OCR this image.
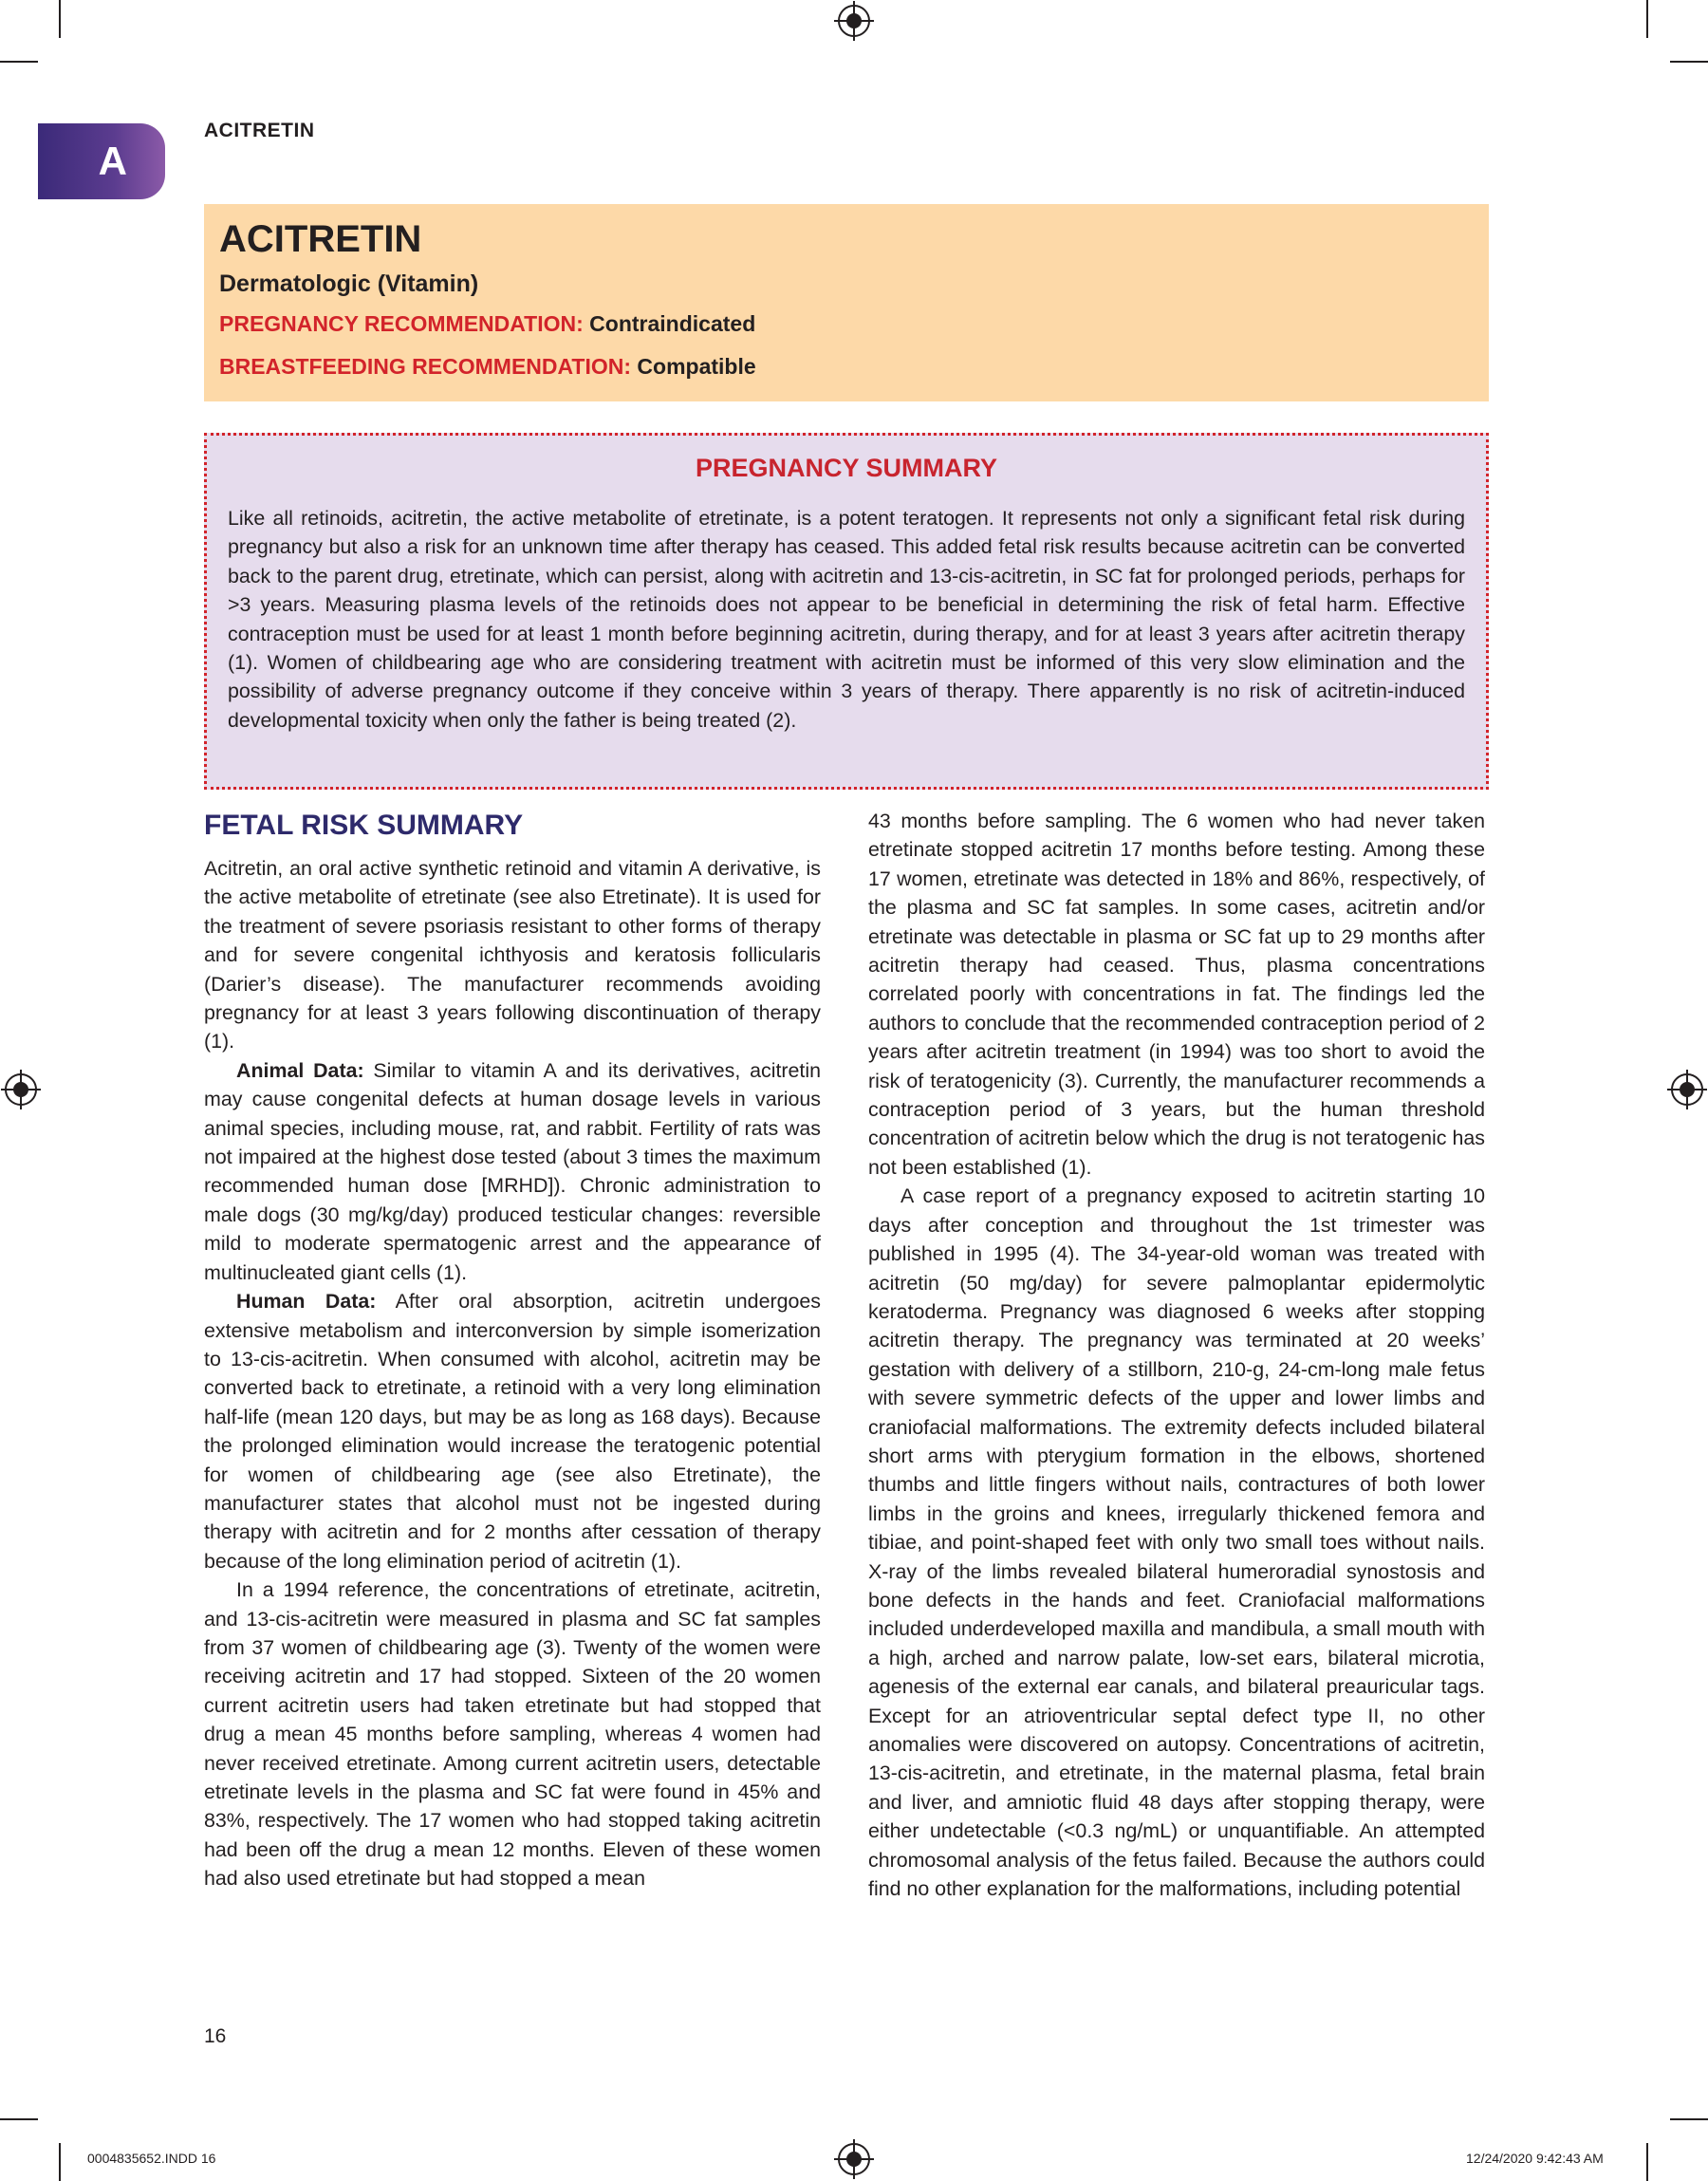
A
ACITRETIN
ACITRETIN
Dermatologic (Vitamin)
PREGNANCY RECOMMENDATION: Contraindicated
BREASTFEEDING RECOMMENDATION: Compatible
PREGNANCY SUMMARY

Like all retinoids, acitretin, the active metabolite of etretinate, is a potent teratogen. It represents not only a significant fetal risk during pregnancy but also a risk for an unknown time after therapy has ceased. This added fetal risk results because acitretin can be converted back to the parent drug, etretinate, which can persist, along with acitretin and 13-cis-acitretin, in SC fat for prolonged periods, perhaps for >3 years. Measuring plasma levels of the retinoids does not appear to be beneficial in determining the risk of fetal harm. Effective contraception must be used for at least 1 month before beginning acitretin, during therapy, and for at least 3 years after acitretin therapy (1). Women of childbearing age who are considering treatment with acitretin must be informed of this very slow elimination and the possibility of adverse pregnancy outcome if they conceive within 3 years of therapy. There apparently is no risk of acitretin-induced developmental toxicity when only the father is being treated (2).

FETAL RISK SUMMARY

Acitretin, an oral active synthetic retinoid and vitamin A derivative, is the active metabolite of etretinate (see also Etretinate). It is used for the treatment of severe psoriasis resistant to other forms of therapy and for severe congenital ichthyosis and keratosis follicularis (Darier’s disease). The manufacturer recommends avoiding pregnancy for at least 3 years following discontinuation of therapy (1).

Animal Data: Similar to vitamin A and its derivatives, acitretin may cause congenital defects at human dosage levels in various animal species, including mouse, rat, and rabbit. Fertility of rats was not impaired at the highest dose tested (about 3 times the maximum recommended human dose [MRHD]). Chronic administration to male dogs (30 mg/kg/day) produced testicular changes: reversible mild to moderate spermatogenic arrest and the appearance of multinucleated giant cells (1).

Human Data: After oral absorption, acitretin undergoes extensive metabolism and interconversion by simple isomerization to 13-cis-acitretin. When consumed with alcohol, acitretin may be converted back to etretinate, a retinoid with a very long elimination half-life (mean 120 days, but may be as long as 168 days). Because the prolonged elimination would increase the teratogenic potential for women of childbearing age (see also Etretinate), the manufacturer states that alcohol must not be ingested during therapy with acitretin and for 2 months after cessation of therapy because of the long elimination period of acitretin (1).

In a 1994 reference, the concentrations of etretinate, acitretin, and 13-cis-acitretin were measured in plasma and SC fat samples from 37 women of childbearing age (3). Twenty of the women were receiving acitretin and 17 had stopped. Sixteen of the 20 women current acitretin users had taken etretinate but had stopped that drug a mean 45 months before sampling, whereas 4 women had never received etretinate. Among current acitretin users, detectable etretinate levels in the plasma and SC fat were found in 45% and 83%, respectively. The 17 women who had stopped taking acitretin had been off the drug a mean 12 months. Eleven of these women had also used etretinate but had stopped a mean

43 months before sampling. The 6 women who had never taken etretinate stopped acitretin 17 months before testing. Among these 17 women, etretinate was detected in 18% and 86%, respectively, of the plasma and SC fat samples. In some cases, acitretin and/or etretinate was detectable in plasma or SC fat up to 29 months after acitretin therapy had ceased. Thus, plasma concentrations correlated poorly with concentrations in fat. The findings led the authors to conclude that the recommended contraception period of 2 years after acitretin treatment (in 1994) was too short to avoid the risk of teratogenicity (3). Currently, the manufacturer recommends a contraception period of 3 years, but the human threshold concentration of acitretin below which the drug is not teratogenic has not been established (1).

A case report of a pregnancy exposed to acitretin starting 10 days after conception and throughout the 1st trimester was published in 1995 (4). The 34-year-old woman was treated with acitretin (50 mg/day) for severe palmoplantar epidermolytic keratoderma. Pregnancy was diagnosed 6 weeks after stopping acitretin therapy. The pregnancy was terminated at 20 weeks’ gestation with delivery of a stillborn, 210-g, 24-cm-long male fetus with severe symmetric defects of the upper and lower limbs and craniofacial malformations. The extremity defects included bilateral short arms with pterygium formation in the elbows, shortened thumbs and little fingers without nails, contractures of both lower limbs in the groins and knees, irregularly thickened femora and tibiae, and point-shaped feet with only two small toes without nails. X-ray of the limbs revealed bilateral humeroradial synostosis and bone defects in the hands and feet. Craniofacial malformations included underdeveloped maxilla and mandibula, a small mouth with a high, arched and narrow palate, low-set ears, bilateral microtia, agenesis of the external ear canals, and bilateral preauricular tags. Except for an atrioventricular septal defect type II, no other anomalies were discovered on autopsy. Concentrations of acitretin, 13-cis-acitretin, and etretinate, in the maternal plasma, fetal brain and liver, and amniotic fluid 48 days after stopping therapy, were either undetectable (<0.3 ng/mL) or unquantifiable. An attempted chromosomal analysis of the fetus failed. Because the authors could find no other explanation for the malformations, including potential

16
0004835652.INDD 16	12/24/2020 9:42:43 AM
